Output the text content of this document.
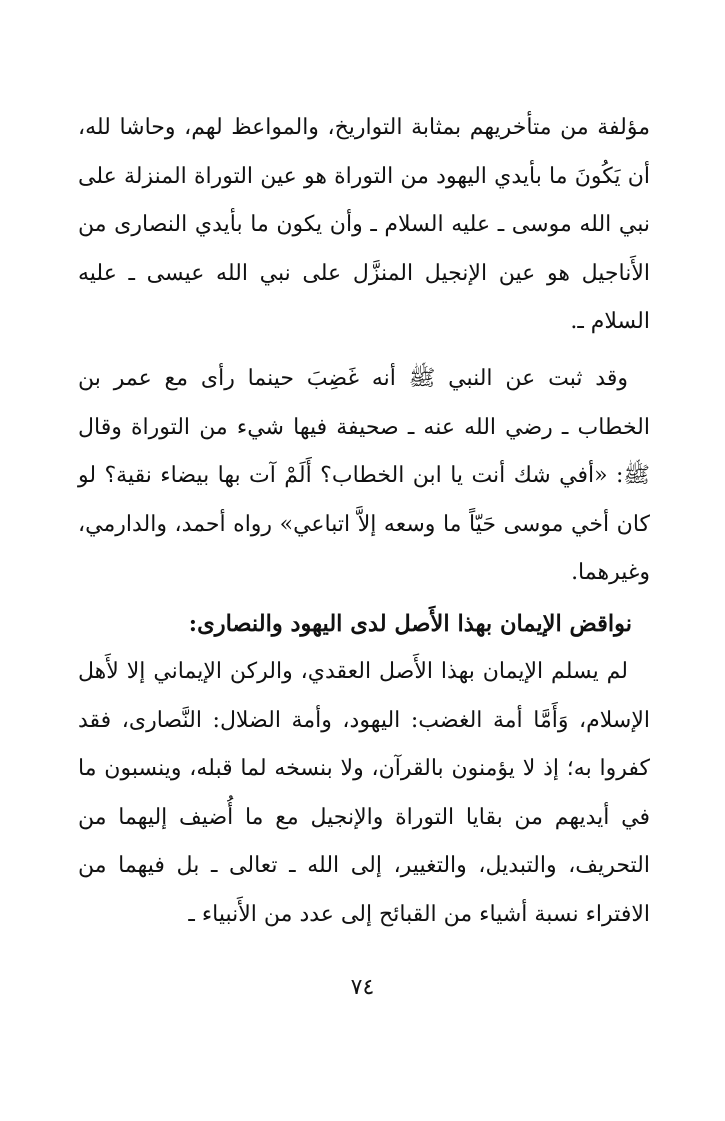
مؤلفة من متأخريهم بمثابة التواريخ، والمواعظ لهم، وحاشا لله، أن يَكُونَ ما بأيدي اليهود من التوراة هو عين التوراة المنزلة على نبي الله موسى ـ عليه السلام ـ وأن يكون ما بأيدي النصارى من الأَناجيل هو عين الإنجيل المنزَّل على نبي الله عيسى ـ عليه السلام ـ.

وقد ثبت عن النبي ﷺ أنه غَضِبَ حينما رأى مع عمر بن الخطاب ـ رضي الله عنه ـ صحيفة فيها شيء من التوراة وقال ﷺ: «أفي شك أنت يا ابن الخطاب؟ أَلَمْ آت بها بيضاء نقية؟ لو كان أخي موسى حَيّاً ما وسعه إلاَّ اتباعي» رواه أحمد، والدارمي، وغيرهما.

نواقض الإيمان بهذا الأَصل لدى اليهود والنصارى:

لم يسلم الإيمان بهذا الأَصل العقدي، والركن الإيماني إلا لأَهل الإسلام، وَأَمَّا أمة الغضب: اليهود، وأمة الضلال: النَّصارى، فقد كفروا به؛ إذ لا يؤمنون بالقرآن، ولا بنسخه لما قبله، وينسبون ما في أيديهم من بقايا التوراة والإنجيل مع ما أُضيف إليهما من التحريف، والتبديل، والتغيير، إلى الله ـ تعالى ـ بل فيهما من الافتراء نسبة أشياء من القبائح إلى عدد من الأَنبياء ـ

٧٤
